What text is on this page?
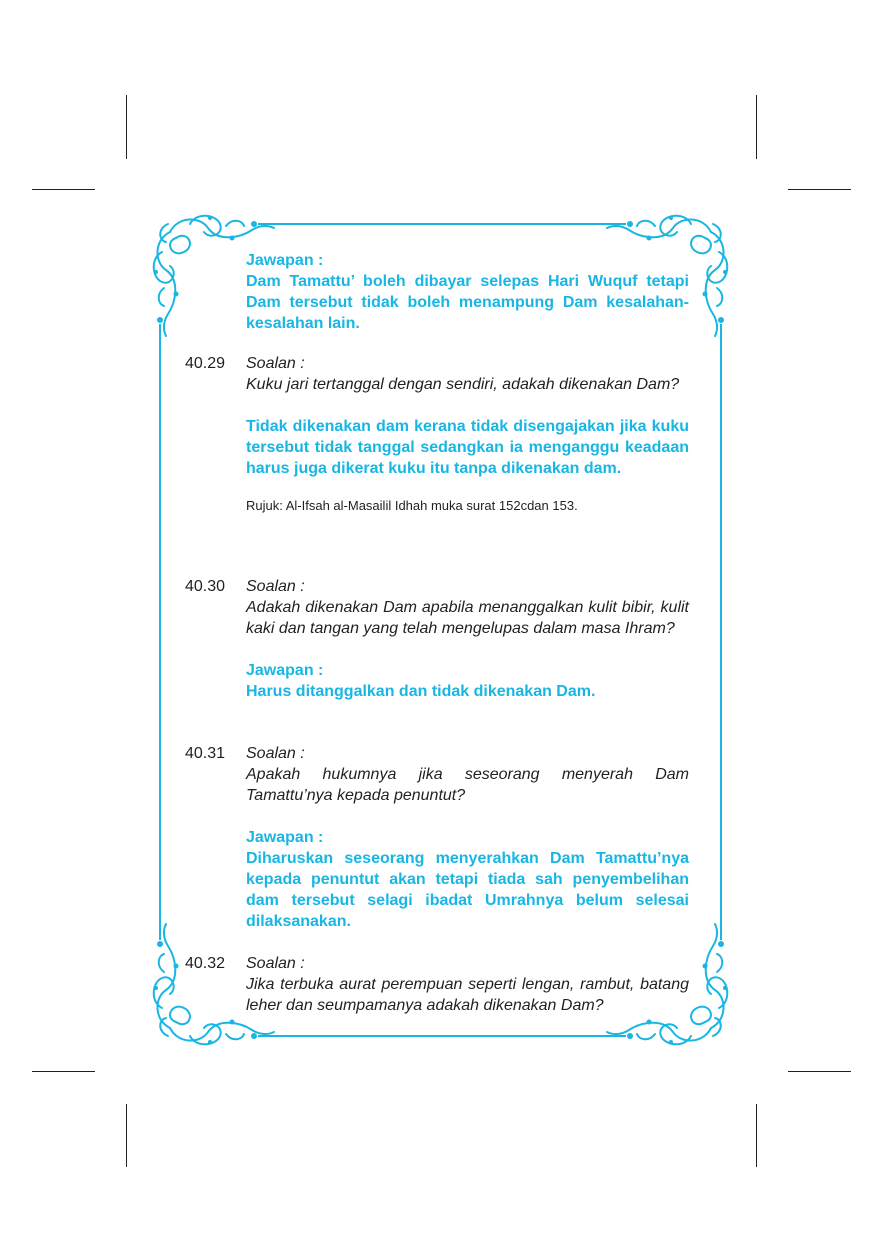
Jawapan :
Dam Tamattu’ boleh dibayar selepas Hari Wuquf tetapi Dam tersebut tidak boleh menampung Dam kesalahan-kesalahan lain.
40.29 Soalan :
Kuku jari tertanggal dengan sendiri, adakah dikenakan Dam?
Tidak dikenakan dam kerana tidak disengajakan jika kuku tersebut tidak tanggal sedangkan ia menganggu keadaan harus juga dikerat kuku itu tanpa dikenakan dam.
Rujuk: Al-Ifsah al-Masailil Idhah muka surat 152cdan 153.
40.30 Soalan :
Adakah dikenakan Dam apabila menanggalkan kulit bibir, kulit kaki dan tangan yang telah mengelupas dalam masa Ihram?
Jawapan :
Harus ditanggalkan dan tidak dikenakan Dam.
40.31 Soalan :
Apakah hukumnya jika seseorang menyerah Dam Tamattu’nya kepada penuntut?
Jawapan :
Diharuskan seseorang menyerahkan Dam Tamattu’nya kepada penuntut akan tetapi tiada sah penyembelihan dam tersebut selagi ibadat Umrahnya belum selesai dilaksanakan.
40.32 Soalan :
Jika terbuka aurat perempuan seperti lengan, rambut, batang leher dan seumpamanya adakah dikenakan Dam?
